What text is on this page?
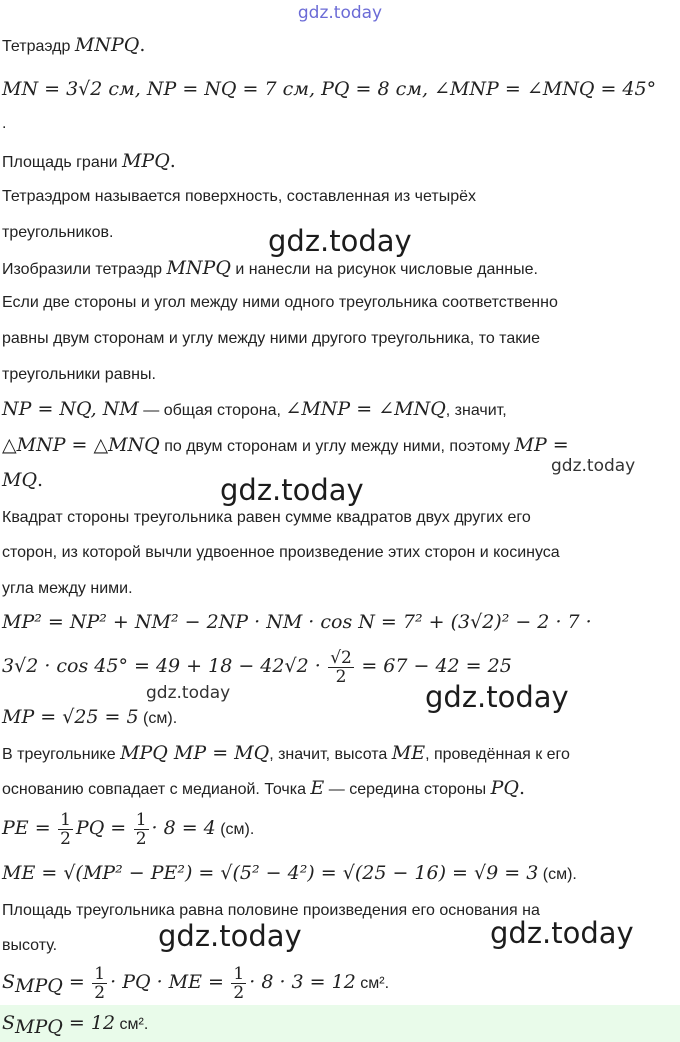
gdz.today
Тетраэдр MNPQ.
MN = 3√2 см, NP = NQ = 7 см, PQ = 8 см, ∠MNP = ∠MNQ = 45°
.
Площадь грани MPQ.
Тетраэдром называется поверхность, составленная из четырёх
треугольников.
Изобразили тетраэдр MNPQ и нанесли на рисунок числовые данные.
Если две стороны и угол между ними одного треугольника соответственно
равны двум сторонам и углу между ними другого треугольника, то такие
треугольники равны.
NP = NQ, NM — общая сторона, ∠MNP = ∠MNQ, значит,
△MNP = △MNQ по двум сторонам и углу между ними, поэтому MP =
MQ.
Квадрат стороны треугольника равен сумме квадратов двух других его
сторон, из которой вычли удвоенное произведение этих сторон и косинуса
угла между ними.
MP² = NP² + NM² − 2NP · NM · cos N = 7² + (3√2)² − 2 · 7 ·
$3√2 \cdot \cos 45^\circ = 49 + 18 - 42√2 \cdot \frac{√2}{2} = 67 - 42 = 25$
MP = √25 = 5 (см).
В треугольнике MPQ MP = MQ, значит, высота ME, проведённая к его
основанию совпадает с медианой. Точка E — середина стороны PQ.
PE = $\frac{1}{2}$ PQ = $\frac{1}{2} \cdot 8 = 4$ (см).
ME = √(MP² − PE²) = √(5² − 4²) = √(25 − 16) = √9 = 3 (см).
Площадь треугольника равна половине произведения его основания на
высоту.
$S_{MPQ} = \frac{1}{2}$ · PQ · ME = $\frac{1}{2} \cdot 8 \cdot 3 = 12$ см².
$S_{MPQ} = 12$ см².
gdz.today
gdz.today
gdz.today
gdz.today	gdz.today
gdz.today	gdz.today
